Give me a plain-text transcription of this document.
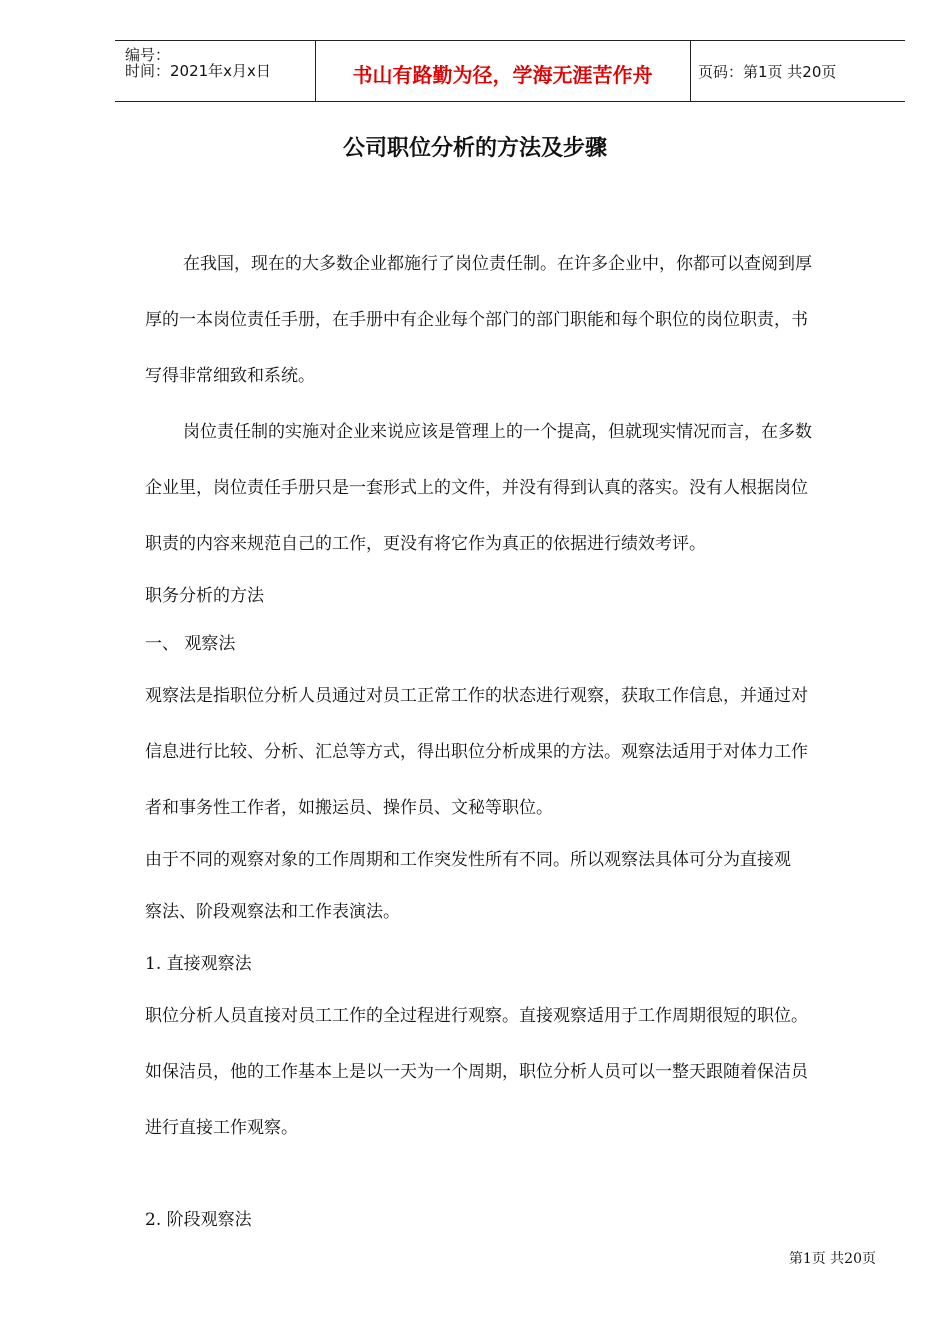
编号：
时间：2021年x月x日	书山有路勤为径，学海无涯苦作舟	页码：第1页 共20页
公司职位分析的方法及步骤

在我国，现在的大多数企业都施行了岗位责任制。在许多企业中，你都可以查阅到厚

厚的一本岗位责任手册，在手册中有企业每个部门的部门职能和每个职位的岗位职责，书

写得非常细致和系统。

岗位责任制的实施对企业来说应该是管理上的一个提高，但就现实情况而言，在多数

企业里，岗位责任手册只是一套形式上的文件，并没有得到认真的落实。没有人根据岗位

职责的内容来规范自己的工作，更没有将它作为真正的依据进行绩效考评。

职务分析的方法

一、 观察法

观察法是指职位分析人员通过对员工正常工作的状态进行观察，获取工作信息，并通过对

信息进行比较、分析、汇总等方式，得出职位分析成果的方法。观察法适用于对体力工作

者和事务性工作者，如搬运员、操作员、文秘等职位。

由于不同的观察对象的工作周期和工作突发性所有不同。所以观察法具体可分为直接观

察法、阶段观察法和工作表演法。

1. 直接观察法

职位分析人员直接对员工工作的全过程进行观察。直接观察适用于工作周期很短的职位。

如保洁员，他的工作基本上是以一天为一个周期，职位分析人员可以一整天跟随着保洁员

进行直接工作观察。

2. 阶段观察法

第1页 共20页
